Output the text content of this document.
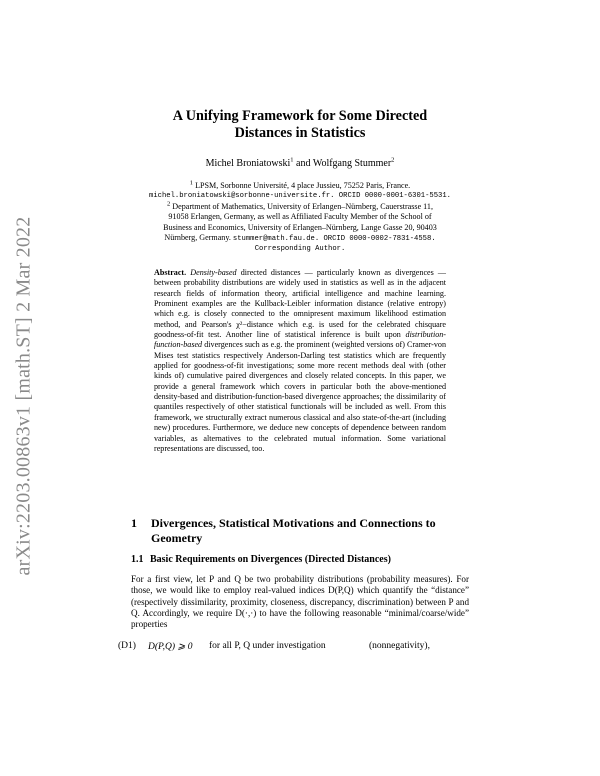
arXiv:2203.00863v1 [math.ST] 2 Mar 2022
A Unifying Framework for Some Directed
Distances in Statistics
Michel Broniatowski$^1$ and Wolfgang Stummer$^2$
$^1$ LPSM, Sorbonne Université, 4 place Jussieu, 75252 Paris, France.
michel.broniatowski@sorbonne-universite.fr. ORCID 0000-0001-6301-5531.
$^2$ Department of Mathematics, University of Erlangen–Nürnberg, Cauerstrasse 11,
91058 Erlangen, Germany, as well as Affiliated Faculty Member of the School of
Business and Economics, University of Erlangen–Nürnberg, Lange Gasse 20, 90403
Nürnberg, Germany. stummer@math.fau.de. ORCID 0000-0002-7831-4558.
Corresponding Author.
Abstract. Density-based directed distances — particularly known as divergences — between probability distributions are widely used in statistics as well as in the adjacent research fields of information theory, artificial intelligence and machine learning. Prominent examples are the Kullback-Leibler information distance (relative entropy) which e.g. is closely connected to the omnipresent maximum likelihood estimation method, and Pearson's χ²−distance which e.g. is used for the celebrated chisquare goodness-of-fit test. Another line of statistical inference is built upon distribution-function-based divergences such as e.g. the prominent (weighted versions of) Cramer-von Mises test statistics respectively Anderson-Darling test statistics which are frequently applied for goodness-of-fit investigations; some more recent methods deal with (other kinds of) cumulative paired divergences and closely related concepts. In this paper, we provide a general framework which covers in particular both the above-mentioned density-based and distribution-function-based divergence approaches; the dissimilarity of quantiles respectively of other statistical functionals will be included as well. From this framework, we structurally extract numerous classical and also state-of-the-art (including new) procedures. Furthermore, we deduce new concepts of dependence between random variables, as alternatives to the celebrated mutual information. Some variational representations are discussed, too.
1 Divergences, Statistical Motivations and Connections to Geometry
1.1 Basic Requirements on Divergences (Directed Distances)
For a first view, let P and Q be two probability distributions (probability measures). For those, we would like to employ real-valued indices D(P,Q) which quantify the “distance” (respectively dissimilarity, proximity, closeness, discrepancy, discrimination) between P and Q. Accordingly, we require D(·,·) to have the following reasonable “minimal/coarse/wide” properties
(D1) D(P,Q) ⩾ 0 for all P, Q under investigation	(nonnegativity),
